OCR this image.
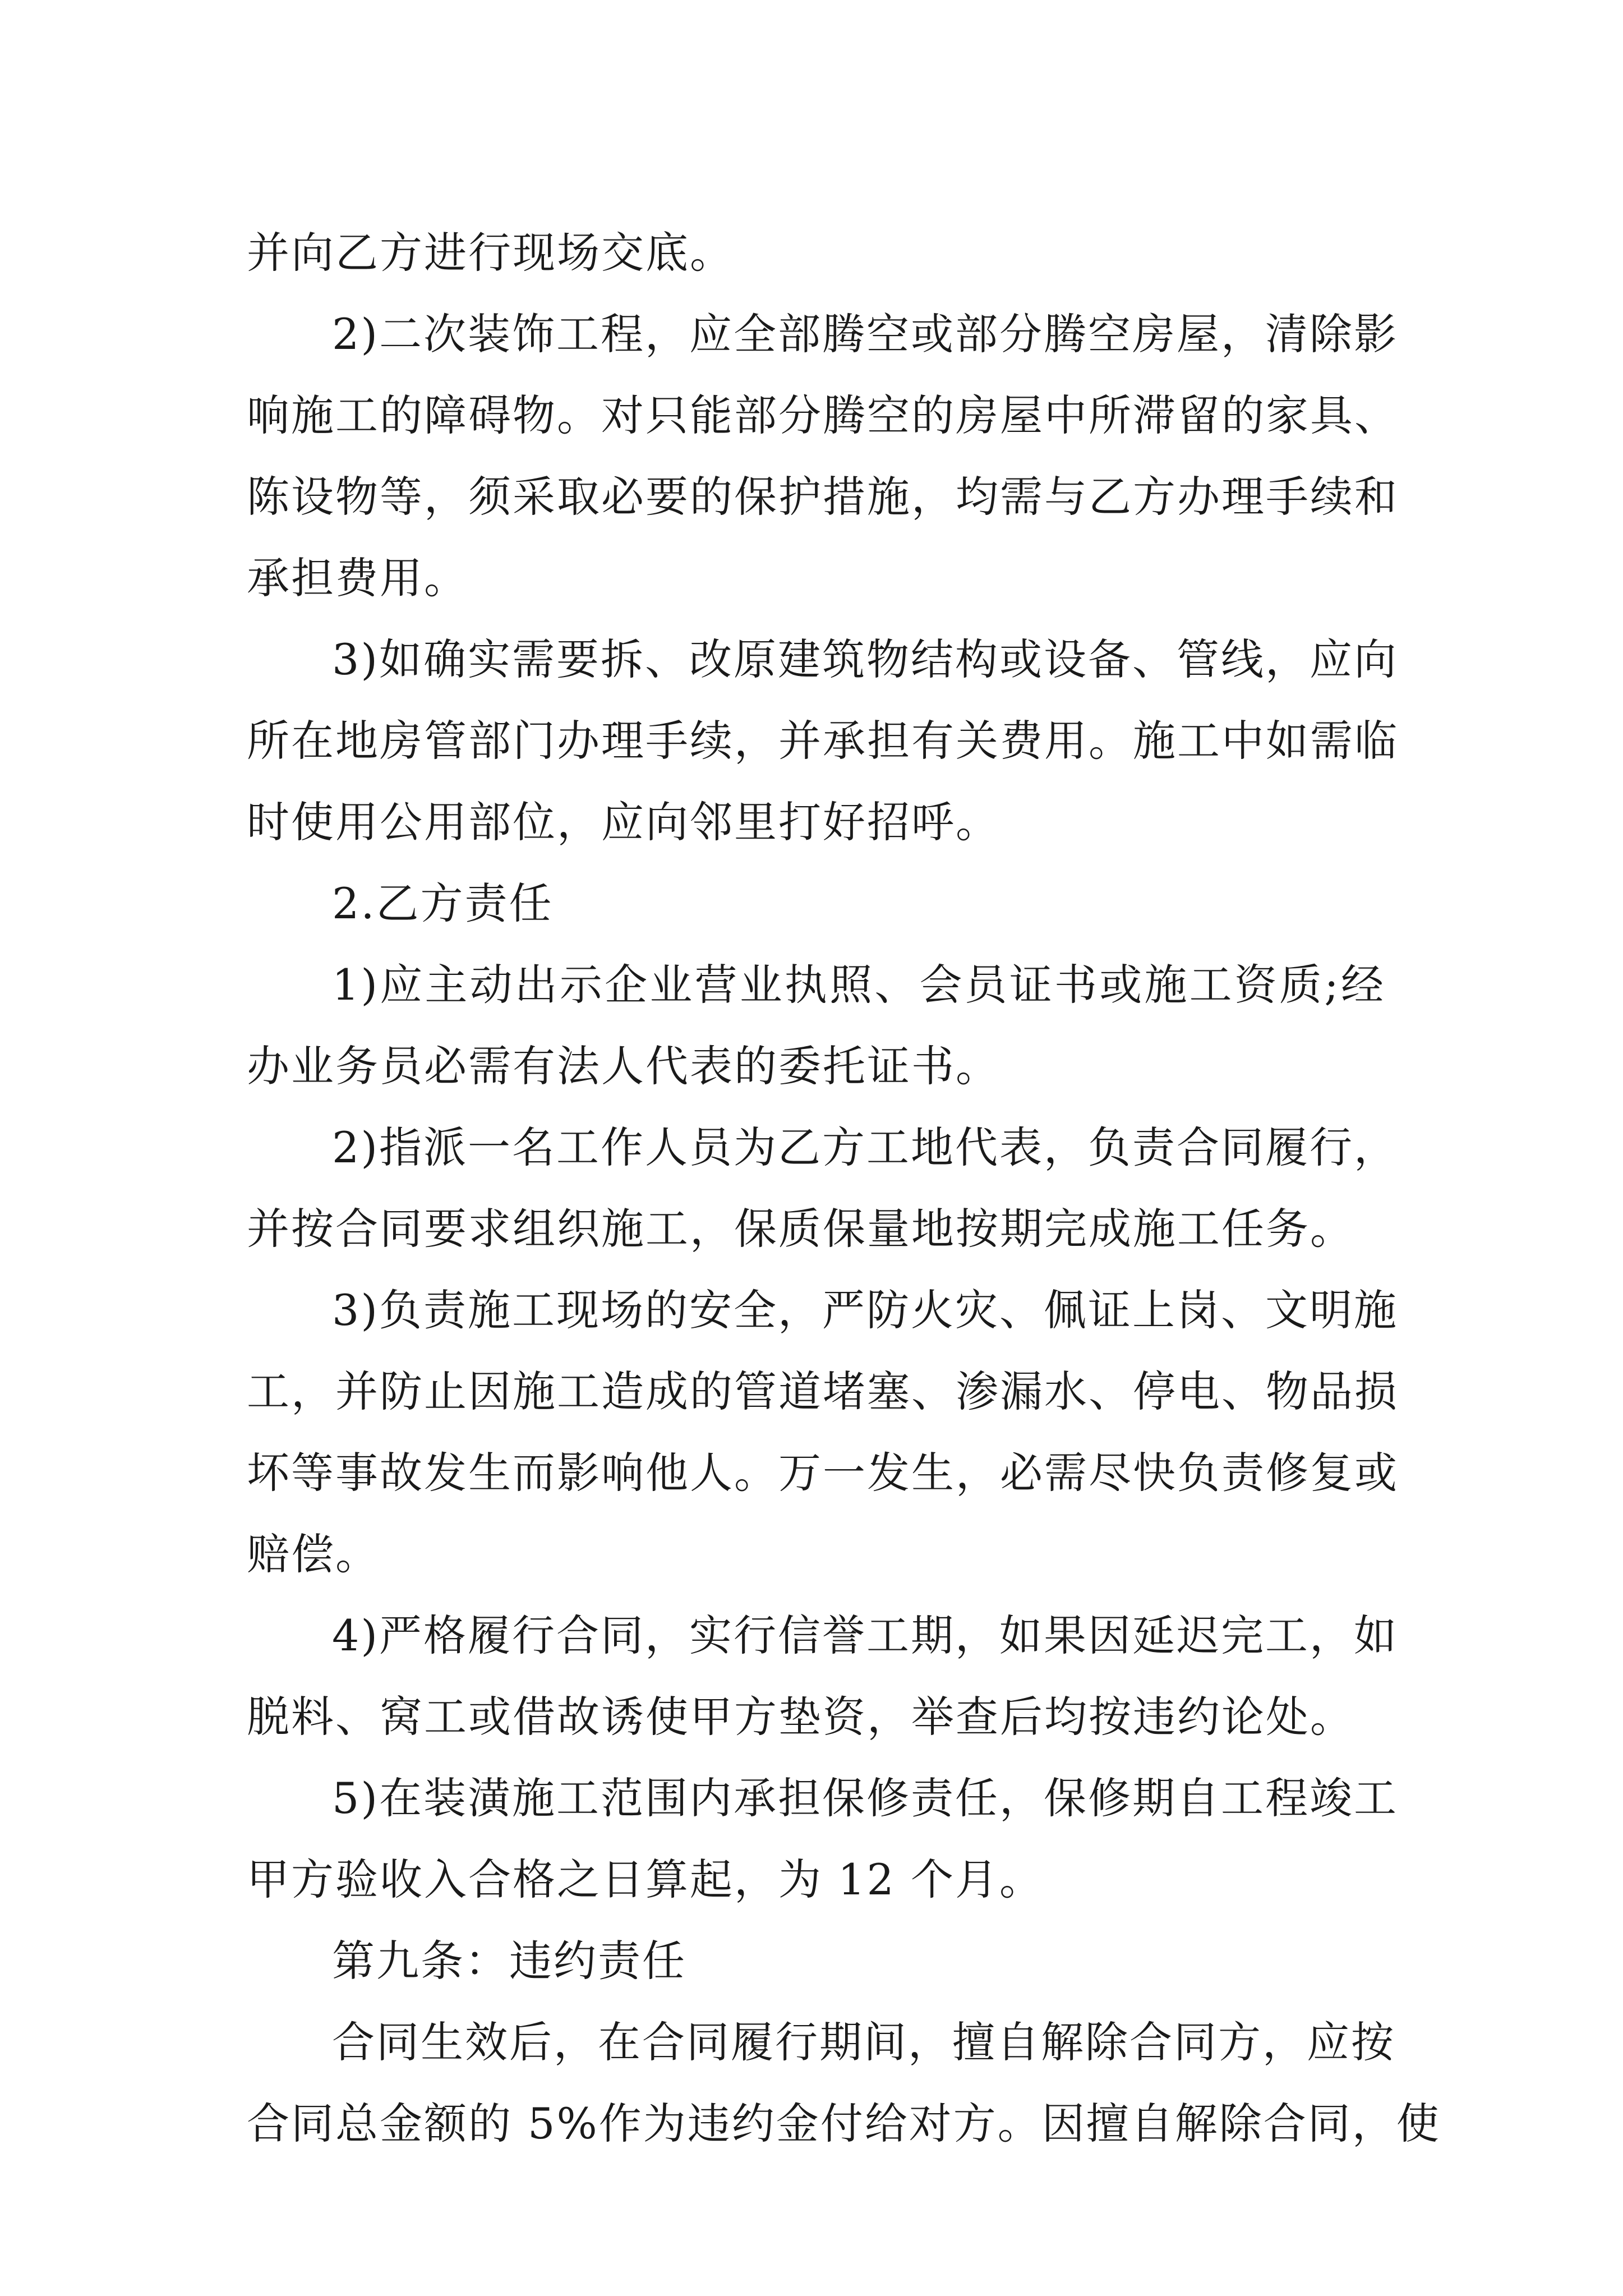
并向乙方进行现场交底。
2)二次装饰工程，应全部腾空或部分腾空房屋，清除影
响施工的障碍物。对只能部分腾空的房屋中所滞留的家具、
陈设物等，须采取必要的保护措施，均需与乙方办理手续和
承担费用。
3)如确实需要拆、改原建筑物结构或设备、管线，应向
所在地房管部门办理手续，并承担有关费用。施工中如需临
时使用公用部位，应向邻里打好招呼。
2.乙方责任
1)应主动出示企业营业执照、会员证书或施工资质;经
办业务员必需有法人代表的委托证书。
2)指派一名工作人员为乙方工地代表，负责合同履行，
并按合同要求组织施工，保质保量地按期完成施工任务。
3)负责施工现场的安全，严防火灾、佩证上岗、文明施
工，并防止因施工造成的管道堵塞、渗漏水、停电、物品损
坏等事故发生而影响他人。万一发生，必需尽快负责修复或
赔偿。
4)严格履行合同，实行信誉工期，如果因延迟完工，如
脱料、窝工或借故诱使甲方垫资，举查后均按违约论处。
5)在装潢施工范围内承担保修责任，保修期自工程竣工
甲方验收入合格之日算起，为 12 个月。
第九条：违约责任
合同生效后，在合同履行期间，擅自解除合同方，应按
合同总金额的 5%作为违约金付给对方。因擅自解除合同，使
